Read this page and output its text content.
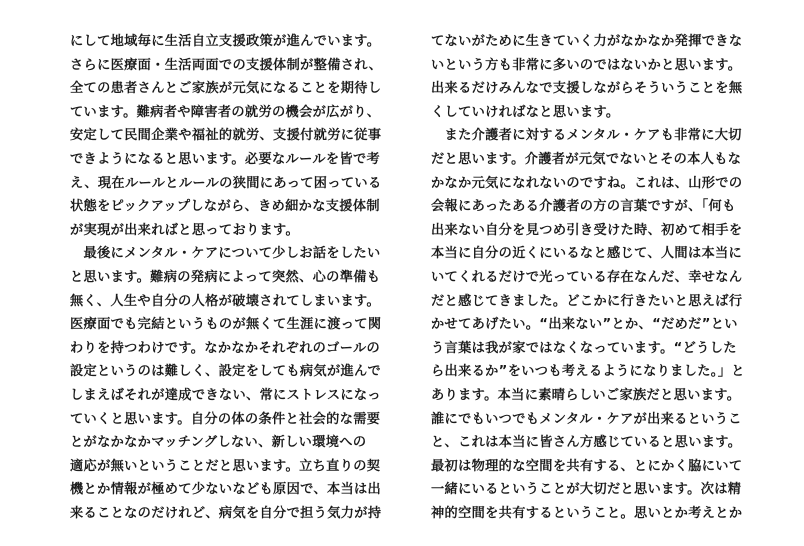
にして地域毎に生活自立支援政策が進んでいます。
さらに医療面・生活両面での支援体制が整備され、
全ての患者さんとご家族が元気になることを期待し
ています。難病者や障害者の就労の機会が広がり、
安定して民間企業や福祉的就労、支援付就労に従事
できようになると思います。必要なルールを皆で考
え、現在ルールとルールの狭間にあって困っている
状態をピックアップしながら、きめ細かな支援体制
が実現が出来ればと思っております。
　最後にメンタル・ケアについて少しお話をしたい
と思います。難病の発病によって突然、心の準備も
無く、人生や自分の人格が破壊されてしまいます。
医療面でも完結というものが無くて生涯に渡って関
わりを持つわけです。なかなかそれぞれのゴールの
設定というのは難しく、設定をしても病気が進んで
しまえばそれが達成できない、常にストレスになっ
ていくと思います。自分の体の条件と社会的な需要
とがなかなかマッチングしない、新しい環境への
適応が無いということだと思います。立ち直りの契
機とか情報が極めて少ないなども原因で、本当は出
来ることなのだけれど、病気を自分で担う気力が持
てないがために生きていく力がなかなか発揮できな
いという方も非常に多いのではないかと思います。
出来るだけみんなで支援しながらそういうことを無
くしていければなと思います。
　また介護者に対するメンタル・ケアも非常に大切
だと思います。介護者が元気でないとその本人もな
かなか元気になれないのですね。これは、山形での
会報にあったある介護者の方の言葉ですが、「何も
出来ない自分を見つめ引き受けた時、初めて相手を
本当に自分の近くにいるなと感じて、人間は本当に
いてくれるだけで光っている存在なんだ、幸せなん
だと感じてきました。どこかに行きたいと思えば行
かせてあげたい。“出来ない”とか、“だめだ”とい
う言葉は我が家ではなくなっています。“どうした
ら出来るか”をいつも考えるようになりました。」と
あります。本当に素晴らしいご家族だと思います。
誰にでもいつでもメンタル・ケアが出来るというこ
と、これは本当に皆さん方感じていると思います。
最初は物理的な空間を共有する、とにかく脇にいて
一緒にいるということが大切だと思います。次は精
神的空間を共有するということ。思いとか考えとか
